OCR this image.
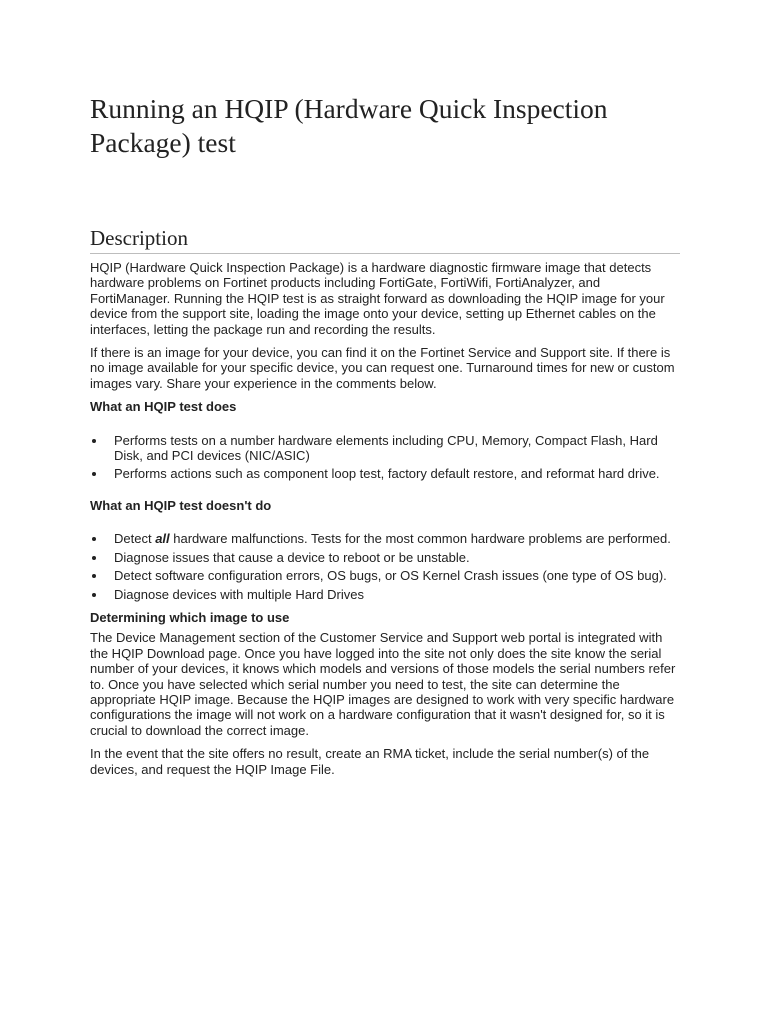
Running an HQIP (Hardware Quick Inspection Package) test
Description

HQIP (Hardware Quick Inspection Package) is a hardware diagnostic firmware image that detects hardware problems on Fortinet products including FortiGate, FortiWifi, FortiAnalyzer, and FortiManager. Running the HQIP test is as straight forward as downloading the HQIP image for your device from the support site, loading the image onto your device, setting up Ethernet cables on the interfaces, letting the package run and recording the results.

If there is an image for your device, you can find it on the Fortinet Service and Support site. If there is no image available for your specific device, you can request one. Turnaround times for new or custom images vary. Share your experience in the comments below.

What an HQIP test does
Performs tests on a number hardware elements including CPU, Memory, Compact Flash, Hard Disk, and PCI devices (NIC/ASIC)
Performs actions such as component loop test, factory default restore, and reformat hard drive.
What an HQIP test doesn't do
Detect all hardware malfunctions. Tests for the most common hardware problems are performed.
Diagnose issues that cause a device to reboot or be unstable.
Detect software configuration errors, OS bugs, or OS Kernel Crash issues (one type of OS bug).
Diagnose devices with multiple Hard Drives
Determining which image to use

The Device Management section of the Customer Service and Support web portal is integrated with the HQIP Download page. Once you have logged into the site not only does the site know the serial number of your devices, it knows which models and versions of those models the serial numbers refer to. Once you have selected which serial number you need to test, the site can determine the appropriate HQIP image. Because the HQIP images are designed to work with very specific hardware configurations the image will not work on a hardware configuration that it wasn't designed for, so it is crucial to download the correct image.

In the event that the site offers no result, create an RMA ticket, include the serial number(s) of the devices, and request the HQIP Image File.
